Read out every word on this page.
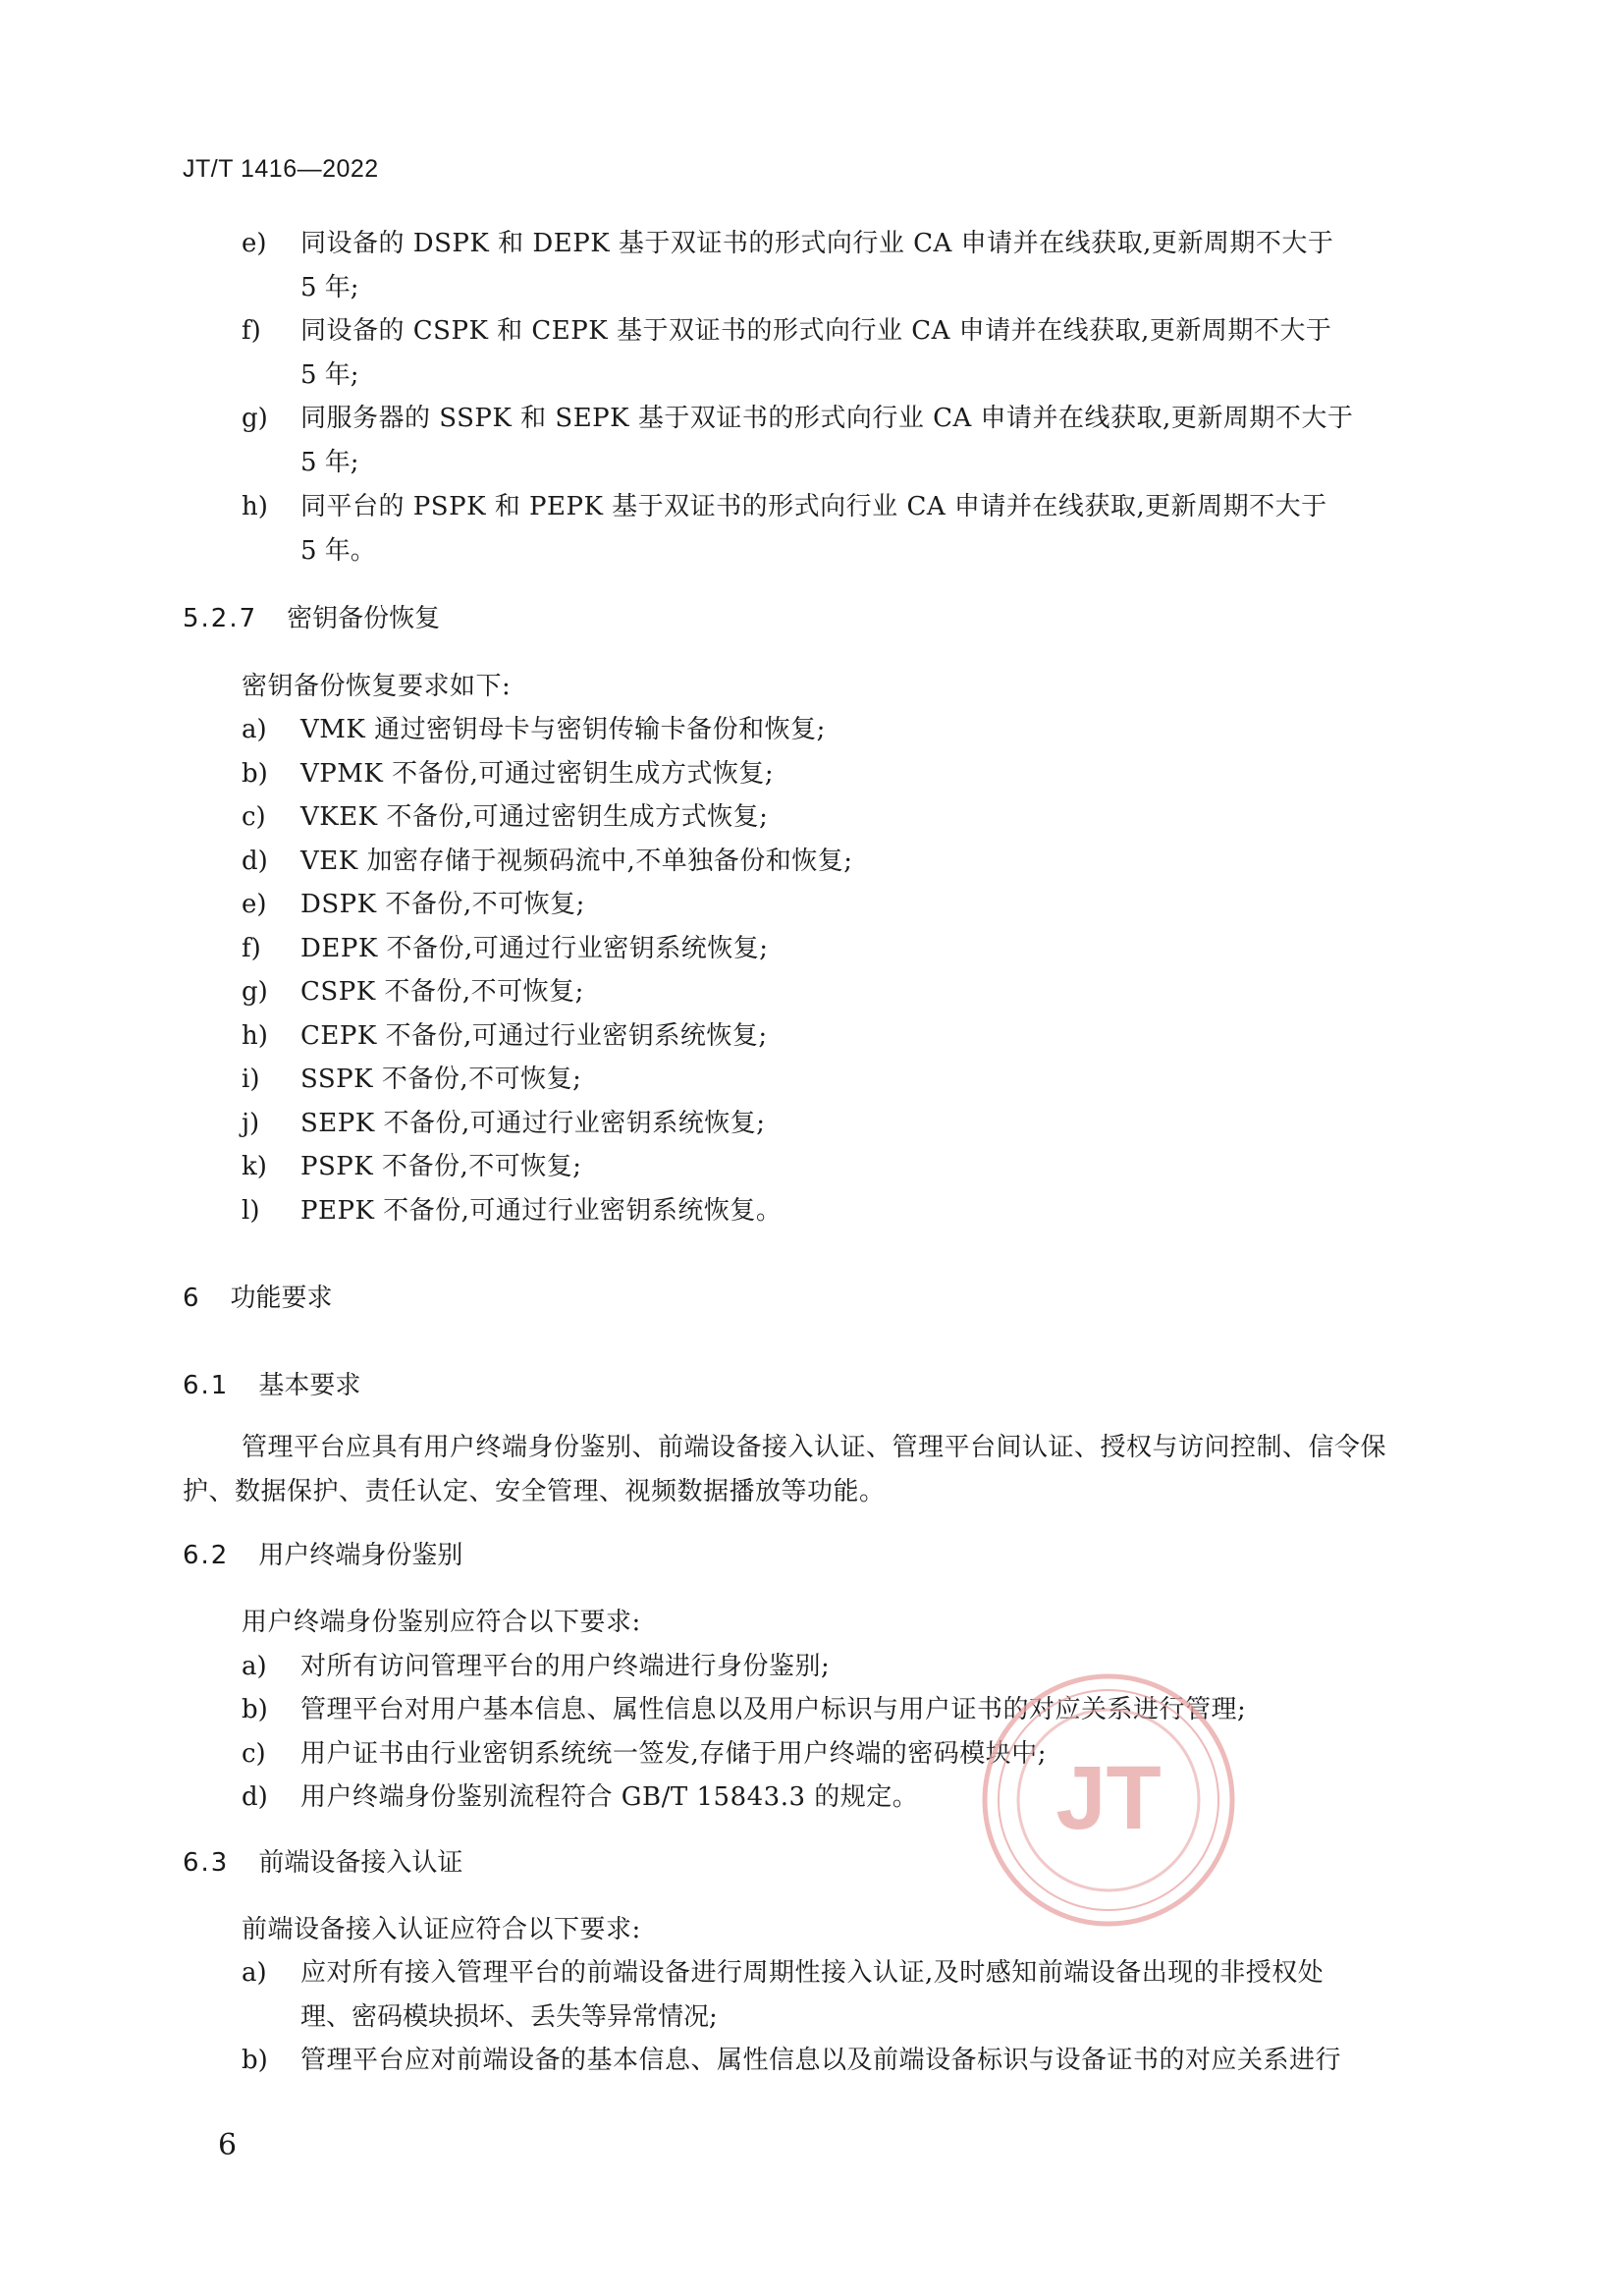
JT/T 1416—2022
e) 同设备的 DSPK 和 DEPK 基于双证书的形式向行业 CA 申请并在线获取,更新周期不大于
5 年;
f) 同设备的 CSPK 和 CEPK 基于双证书的形式向行业 CA 申请并在线获取,更新周期不大于
5 年;
g) 同服务器的 SSPK 和 SEPK 基于双证书的形式向行业 CA 申请并在线获取,更新周期不大于
5 年;
h) 同平台的 PSPK 和 PEPK 基于双证书的形式向行业 CA 申请并在线获取,更新周期不大于
5 年。
5.2.7 密钥备份恢复
密钥备份恢复要求如下:
a) VMK 通过密钥母卡与密钥传输卡备份和恢复;
b) VPMK 不备份,可通过密钥生成方式恢复;
c) VKEK 不备份,可通过密钥生成方式恢复;
d) VEK 加密存储于视频码流中,不单独备份和恢复;
e) DSPK 不备份,不可恢复;
f) DEPK 不备份,可通过行业密钥系统恢复;
g) CSPK 不备份,不可恢复;
h) CEPK 不备份,可通过行业密钥系统恢复;
i) SSPK 不备份,不可恢复;
j) SEPK 不备份,可通过行业密钥系统恢复;
k) PSPK 不备份,不可恢复;
l) PEPK 不备份,可通过行业密钥系统恢复。
6 功能要求
6.1 基本要求
管理平台应具有用户终端身份鉴别、前端设备接入认证、管理平台间认证、授权与访问控制、信令保
护、数据保护、责任认定、安全管理、视频数据播放等功能。
6.2 用户终端身份鉴别
用户终端身份鉴别应符合以下要求:
a) 对所有访问管理平台的用户终端进行身份鉴别;
b) 管理平台对用户基本信息、属性信息以及用户标识与用户证书的对应关系进行管理;
c) 用户证书由行业密钥系统统一签发,存储于用户终端的密码模块中;
d) 用户终端身份鉴别流程符合 GB/T 15843.3 的规定。
6.3 前端设备接入认证
前端设备接入认证应符合以下要求:
a) 应对所有接入管理平台的前端设备进行周期性接入认证,及时感知前端设备出现的非授权处
理、密码模块损坏、丢失等异常情况;
b) 管理平台应对前端设备的基本信息、属性信息以及前端设备标识与设备证书的对应关系进行
6
JT
